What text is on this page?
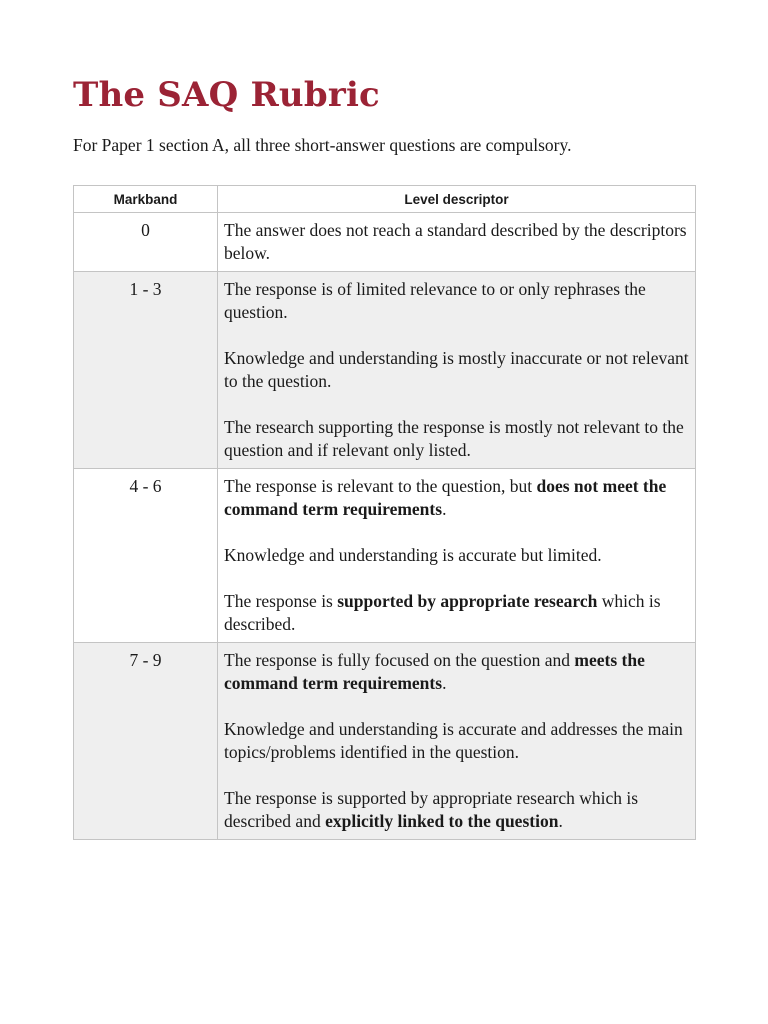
The SAQ Rubric

For Paper 1 section A, all three short-answer questions are compulsory.

Markband	Level descriptor
0	The answer does not reach a standard described by the descriptors below.

1 - 3	The response is of limited relevance to or only rephrases the question.

Knowledge and understanding is mostly inaccurate or not relevant to the question.

The research supporting the response is mostly not relevant to the question and if relevant only listed.

4 - 6	The response is relevant to the question, but does not meet the command term requirements.

Knowledge and understanding is accurate but limited.

The response is supported by appropriate research which is described.

7 - 9	The response is fully focused on the question and meets the command term requirements.

Knowledge and understanding is accurate and addresses the main topics/problems identified in the question.

The response is supported by appropriate research which is described and explicitly linked to the question.
